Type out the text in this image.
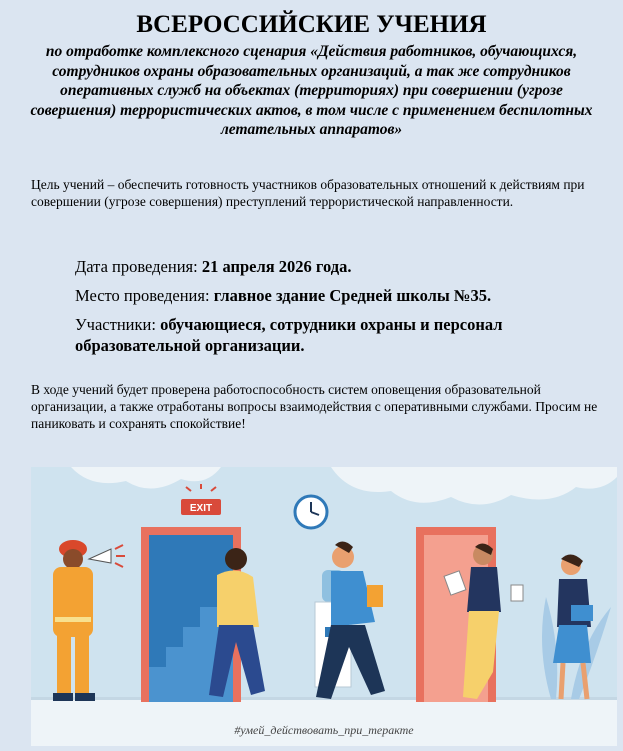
ВСЕРОССИЙСКИЕ УЧЕНИЯ
по отработке комплексного сценария «Действия работников, обучающихся, сотрудников охраны образовательных организаций, а так же сотрудников оперативных служб на объектах (территориях) при совершении (угрозе совершения) террористических актов, в том числе с применением беспилотных летательных аппаратов»
Цель учений – обеспечить готовность участников образовательных отношений к действиям при совершении (угрозе совершения) преступлений террористической направленности.

Дата проведения: 21 апреля 2026 года.

Место проведения: главное здание Средней школы №35.

Участники: обучающиеся, сотрудники охраны и персонал образовательной организации.

В ходе учений будет проверена работоспособность систем оповещения образовательной организации, а также отработаны вопросы взаимодействия с оперативными службами. Просим не паниковать и сохранять спокойствие!
EXIT
#умей_действовать_при_теракте
